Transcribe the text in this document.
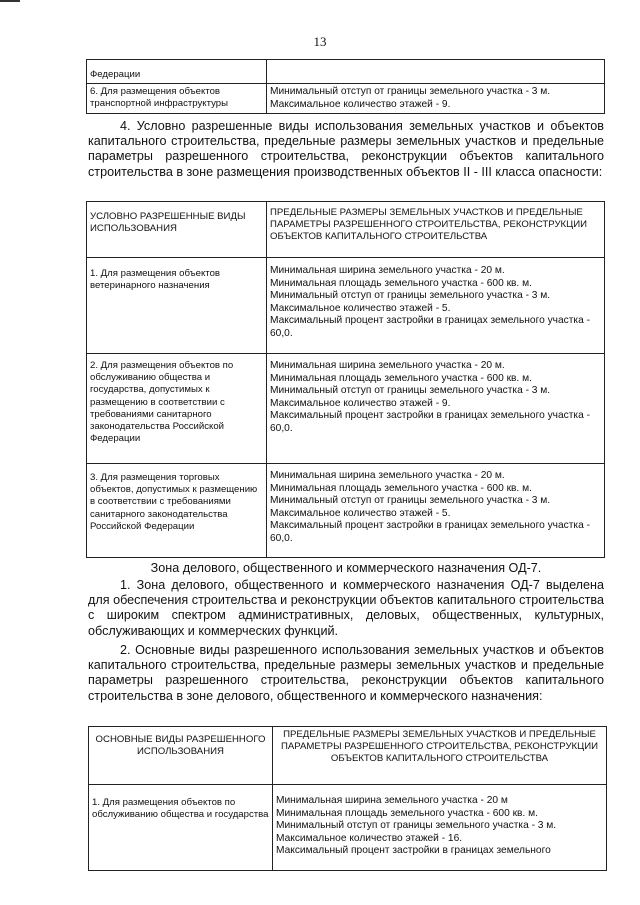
13
Федерации	
6. Для размещения объектов транспортной инфраструктуры	Минимальный отступ от границы земельного участка - 3 м.
Максимальное количество этажей - 9.

4. Условно разрешенные виды использования земельных участков и объектов капитального строительства, предельные размеры земельных участков и предельные параметры разрешенного строительства, реконструкции объектов капитального строительства в зоне размещения производственных объектов II - III класса опасности:

УСЛОВНО РАЗРЕШЕННЫЕ ВИДЫ ИСПОЛЬЗОВАНИЯ	ПРЕДЕЛЬНЫЕ РАЗМЕРЫ ЗЕМЕЛЬНЫХ УЧАСТКОВ И ПРЕДЕЛЬНЫЕ ПАРАМЕТРЫ РАЗРЕШЕННОГО СТРОИТЕЛЬСТВА, РЕКОНСТРУКЦИИ ОБЪЕКТОВ КАПИТАЛЬНОГО СТРОИТЕЛЬСТВА
1. Для размещения объектов ветеринарного назначения	Минимальная ширина земельного участка - 20 м.
Минимальная площадь земельного участка - 600 кв. м.
Минимальный отступ от границы земельного участка - 3 м.
Максимальное количество этажей - 5.
Максимальный процент застройки в границах земельного участка - 60,0.

2. Для размещения объектов по обслуживанию общества и государства, допустимых к размещению в соответствии с требованиями санитарного законодательства Российской Федерации	Минимальная ширина земельного участка - 20 м.
Минимальная площадь земельного участка - 600 кв. м.
Минимальный отступ от границы земельного участка - 3 м.
Максимальное количество этажей - 9.
Максимальный процент застройки в границах земельного участка - 60,0.

3. Для размещения торговых объектов, допустимых к размещению в соответствии с требованиями санитарного законодательства Российской Федерации	Минимальная ширина земельного участка - 20 м.
Минимальная площадь земельного участка - 600 кв. м.
Минимальный отступ от границы земельного участка - 3 м.
Максимальное количество этажей - 5.
Максимальный процент застройки в границах земельного участка - 60,0.

Зона делового, общественного и коммерческого назначения ОД-7.

1. Зона делового, общественного и коммерческого назначения ОД-7 выделена для обеспечения строительства и реконструкции объектов капитального строительства с широким спектром административных, деловых, общественных, культурных, обслуживающих и коммерческих функций.

2. Основные виды разрешенного использования земельных участков и объектов капитального строительства, предельные размеры земельных участков и предельные параметры разрешенного строительства, реконструкции объектов капитального строительства в зоне делового, общественного и коммерческого назначения:

ОСНОВНЫЕ ВИДЫ РАЗРЕШЕННОГО ИСПОЛЬЗОВАНИЯ	ПРЕДЕЛЬНЫЕ РАЗМЕРЫ ЗЕМЕЛЬНЫХ УЧАСТКОВ И ПРЕДЕЛЬНЫЕ ПАРАМЕТРЫ РАЗРЕШЕННОГО СТРОИТЕЛЬСТВА, РЕКОНСТРУКЦИИ ОБЪЕКТОВ КАПИТАЛЬНОГО СТРОИТЕЛЬСТВА
1. Для размещения объектов по обслуживанию общества и государства	Минимальная ширина земельного участка - 20 м
Минимальная площадь земельного участка - 600 кв. м.
Минимальный отступ от границы земельного участка - 3 м.
Максимальное количество этажей - 16.
Максимальный процент застройки в границах земельного
